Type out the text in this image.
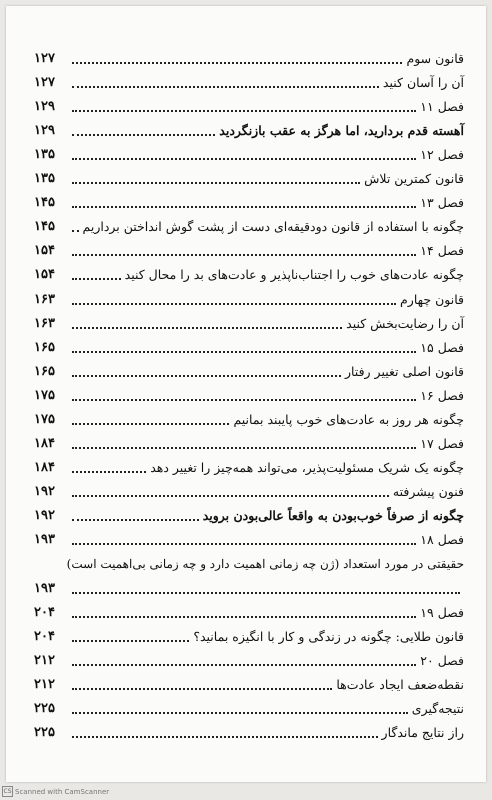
قانون سوم
۱۲۷
آن را آسان کنید
۱۲۷
فصل ۱۱
۱۲۹
آهسته قدم بردارید، اما هرگز به عقب بازنگردید
۱۲۹
فصل ۱۲
۱۳۵
قانون کمترین تلاش
۱۳۵
فصل ۱۳
۱۴۵
چگونه با استفاده از قانون دودقیقه‌ای دست از پشت گوش انداختن برداریم
۱۴۵
فصل ۱۴
۱۵۴
چگونه عادت‌های خوب را اجتناب‌ناپذیر و عادت‌های بد را محال کنید
۱۵۴
قانون چهارم
۱۶۳
آن را رضایت‌بخش کنید
۱۶۳
فصل ۱۵
۱۶۵
قانون اصلی تغییر رفتار
۱۶۵
فصل ۱۶
۱۷۵
چگونه هر روز به عادت‌های خوب پایبند بمانیم
۱۷۵
فصل ۱۷
۱۸۴
چگونه یک شریک مسئولیت‌پذیر، می‌تواند همه‌چیز را تغییر دهد
۱۸۴
فنون پیشرفته
۱۹۲
چگونه از صرفاً خوب‌بودن به واقعاً عالی‌بودن بروید
۱۹۲
فصل ۱۸
۱۹۳
حقیقتی در مورد استعداد (ژن چه زمانی اهمیت دارد و چه زمانی بی‌اهمیت است)
۱۹۳
فصل ۱۹
۲۰۴
قانون طلایی: چگونه در زندگی و کار با انگیزه بمانید؟
۲۰۴
فصل ۲۰
۲۱۲
نقطه‌ضعف ایجاد عادت‌ها
۲۱۲
نتیجه‌گیری
۲۲۵
راز نتایج ماندگار
۲۲۵
CS Scanned with CamScanner
